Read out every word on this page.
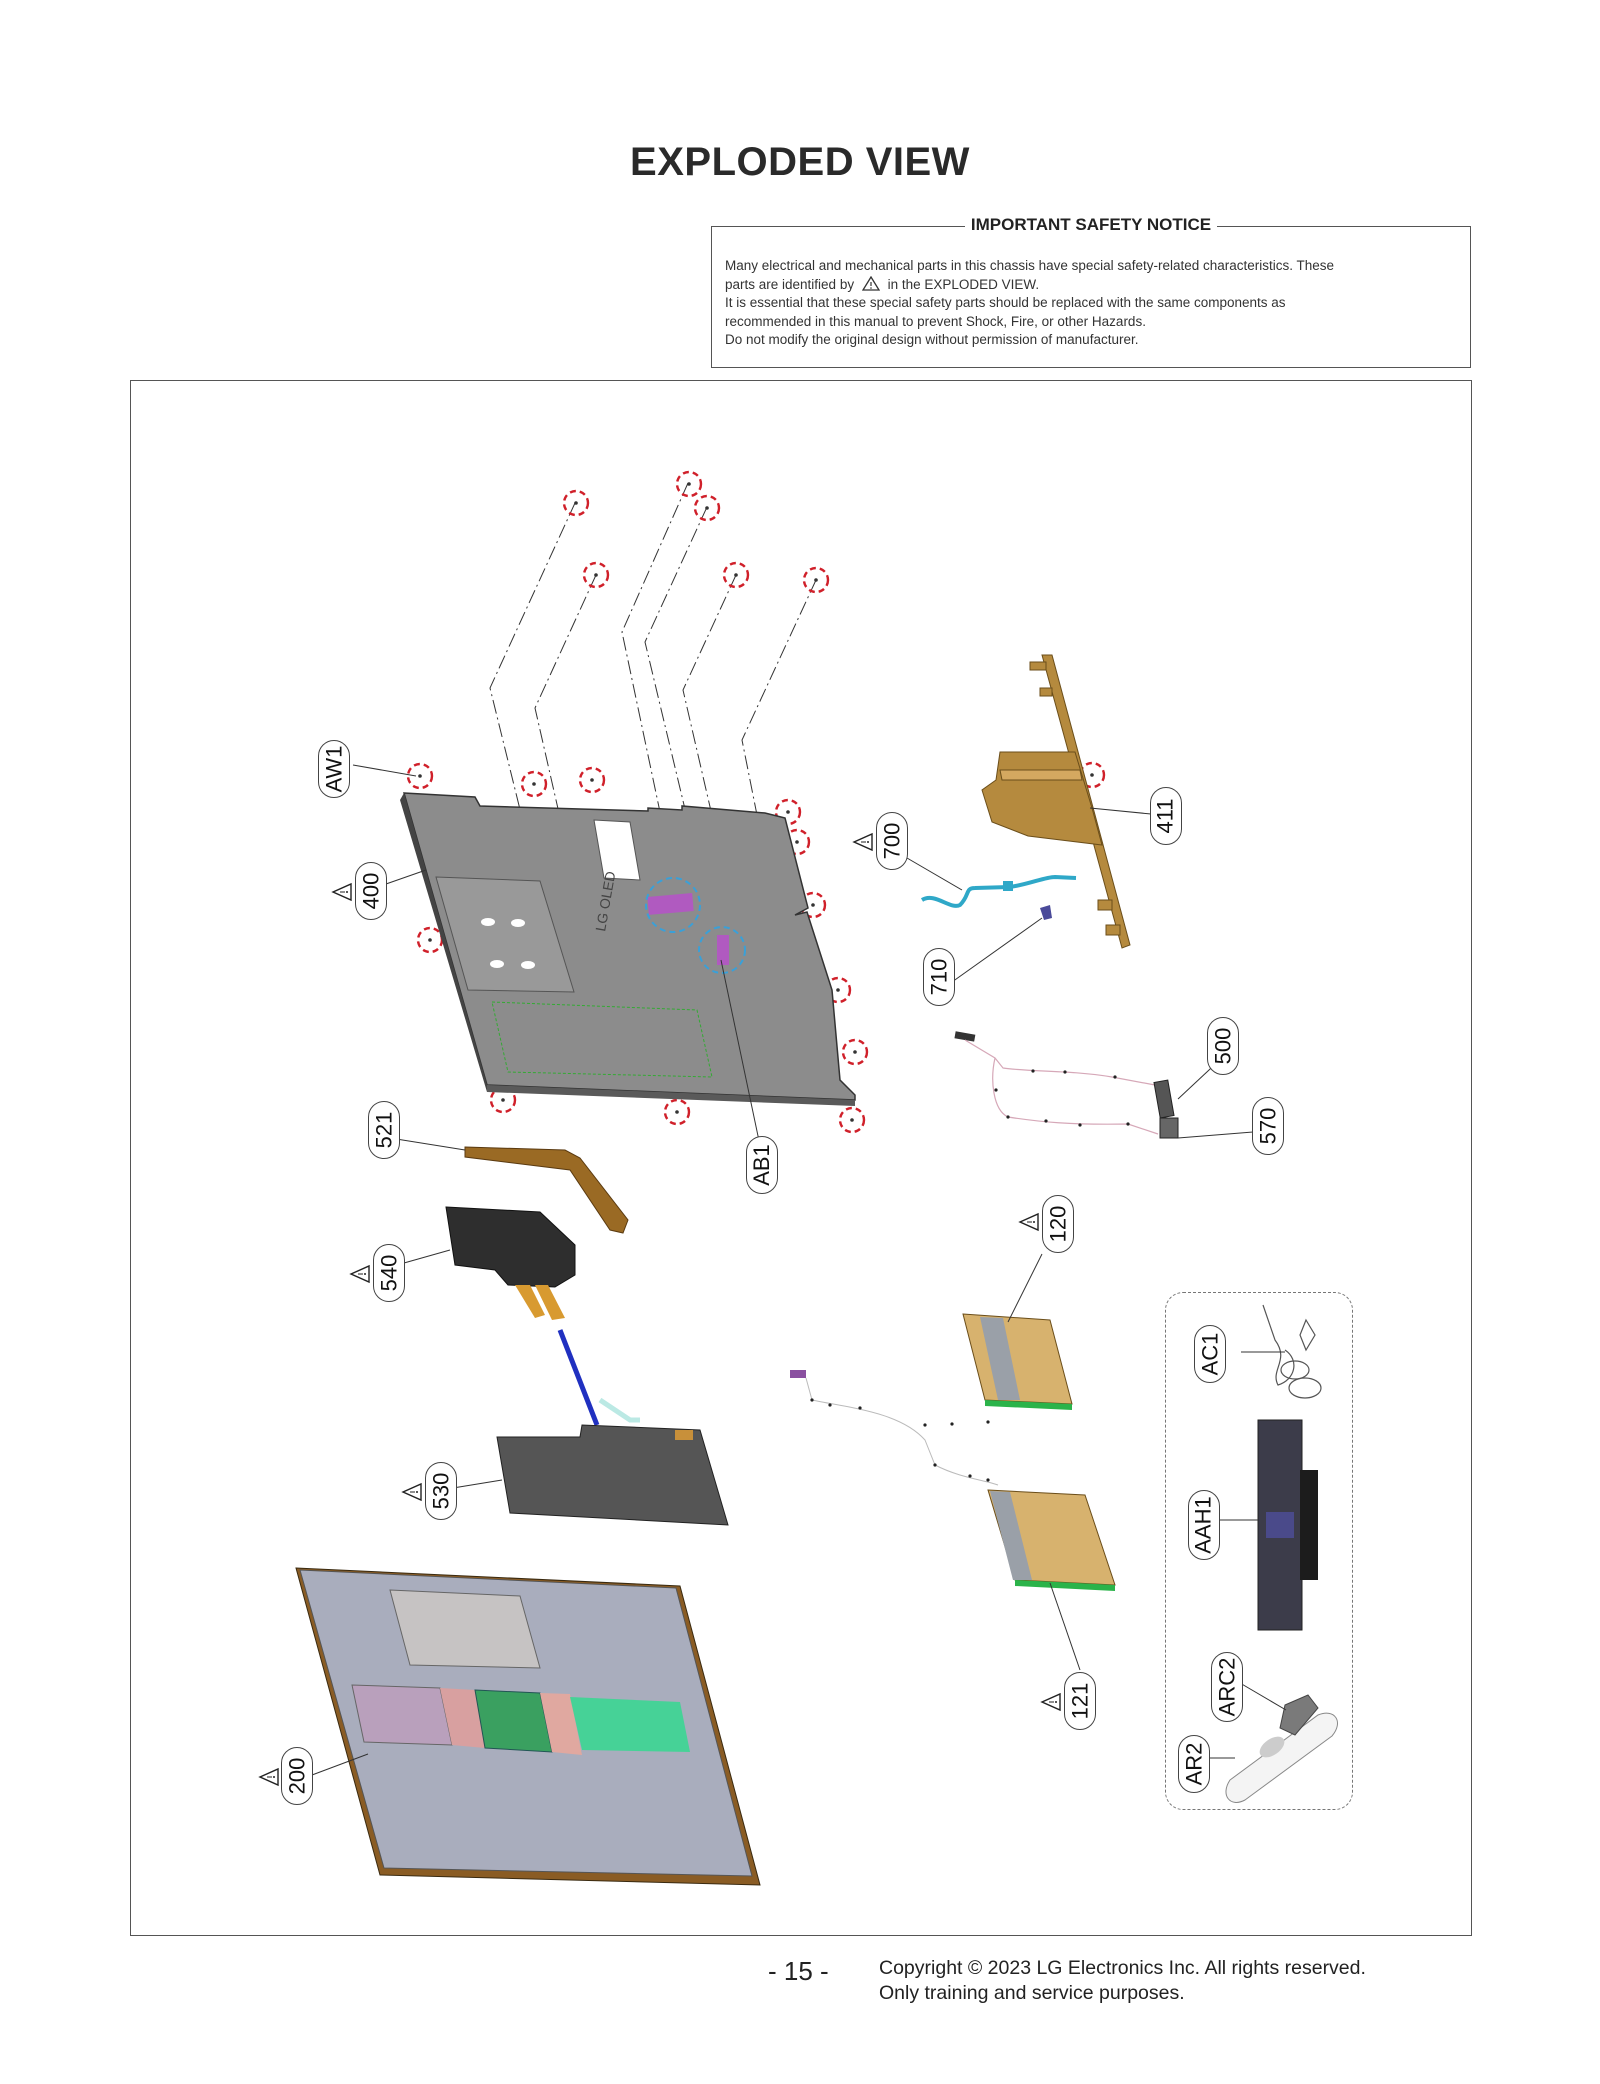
EXPLODED VIEW
IMPORTANT SAFETY NOTICE

Many electrical and mechanical parts in this chassis have special safety-related characteristics. These

parts are identified by in the EXPLODED VIEW.

It is essential that these special safety parts should be replaced with the same components as

recommended in this manual to prevent Shock, Fire, or other Hazards.

Do not modify the original design without permission of manufacturer.

LG OLED
AW1
400
700
411
710
500
570
521
AB1
540
120
530
AC1
AAH1
ARC2
AR2
121
200
- 15 -	Copyright © 2023 LG Electronics Inc. All rights reserved.
Only training and service purposes.
